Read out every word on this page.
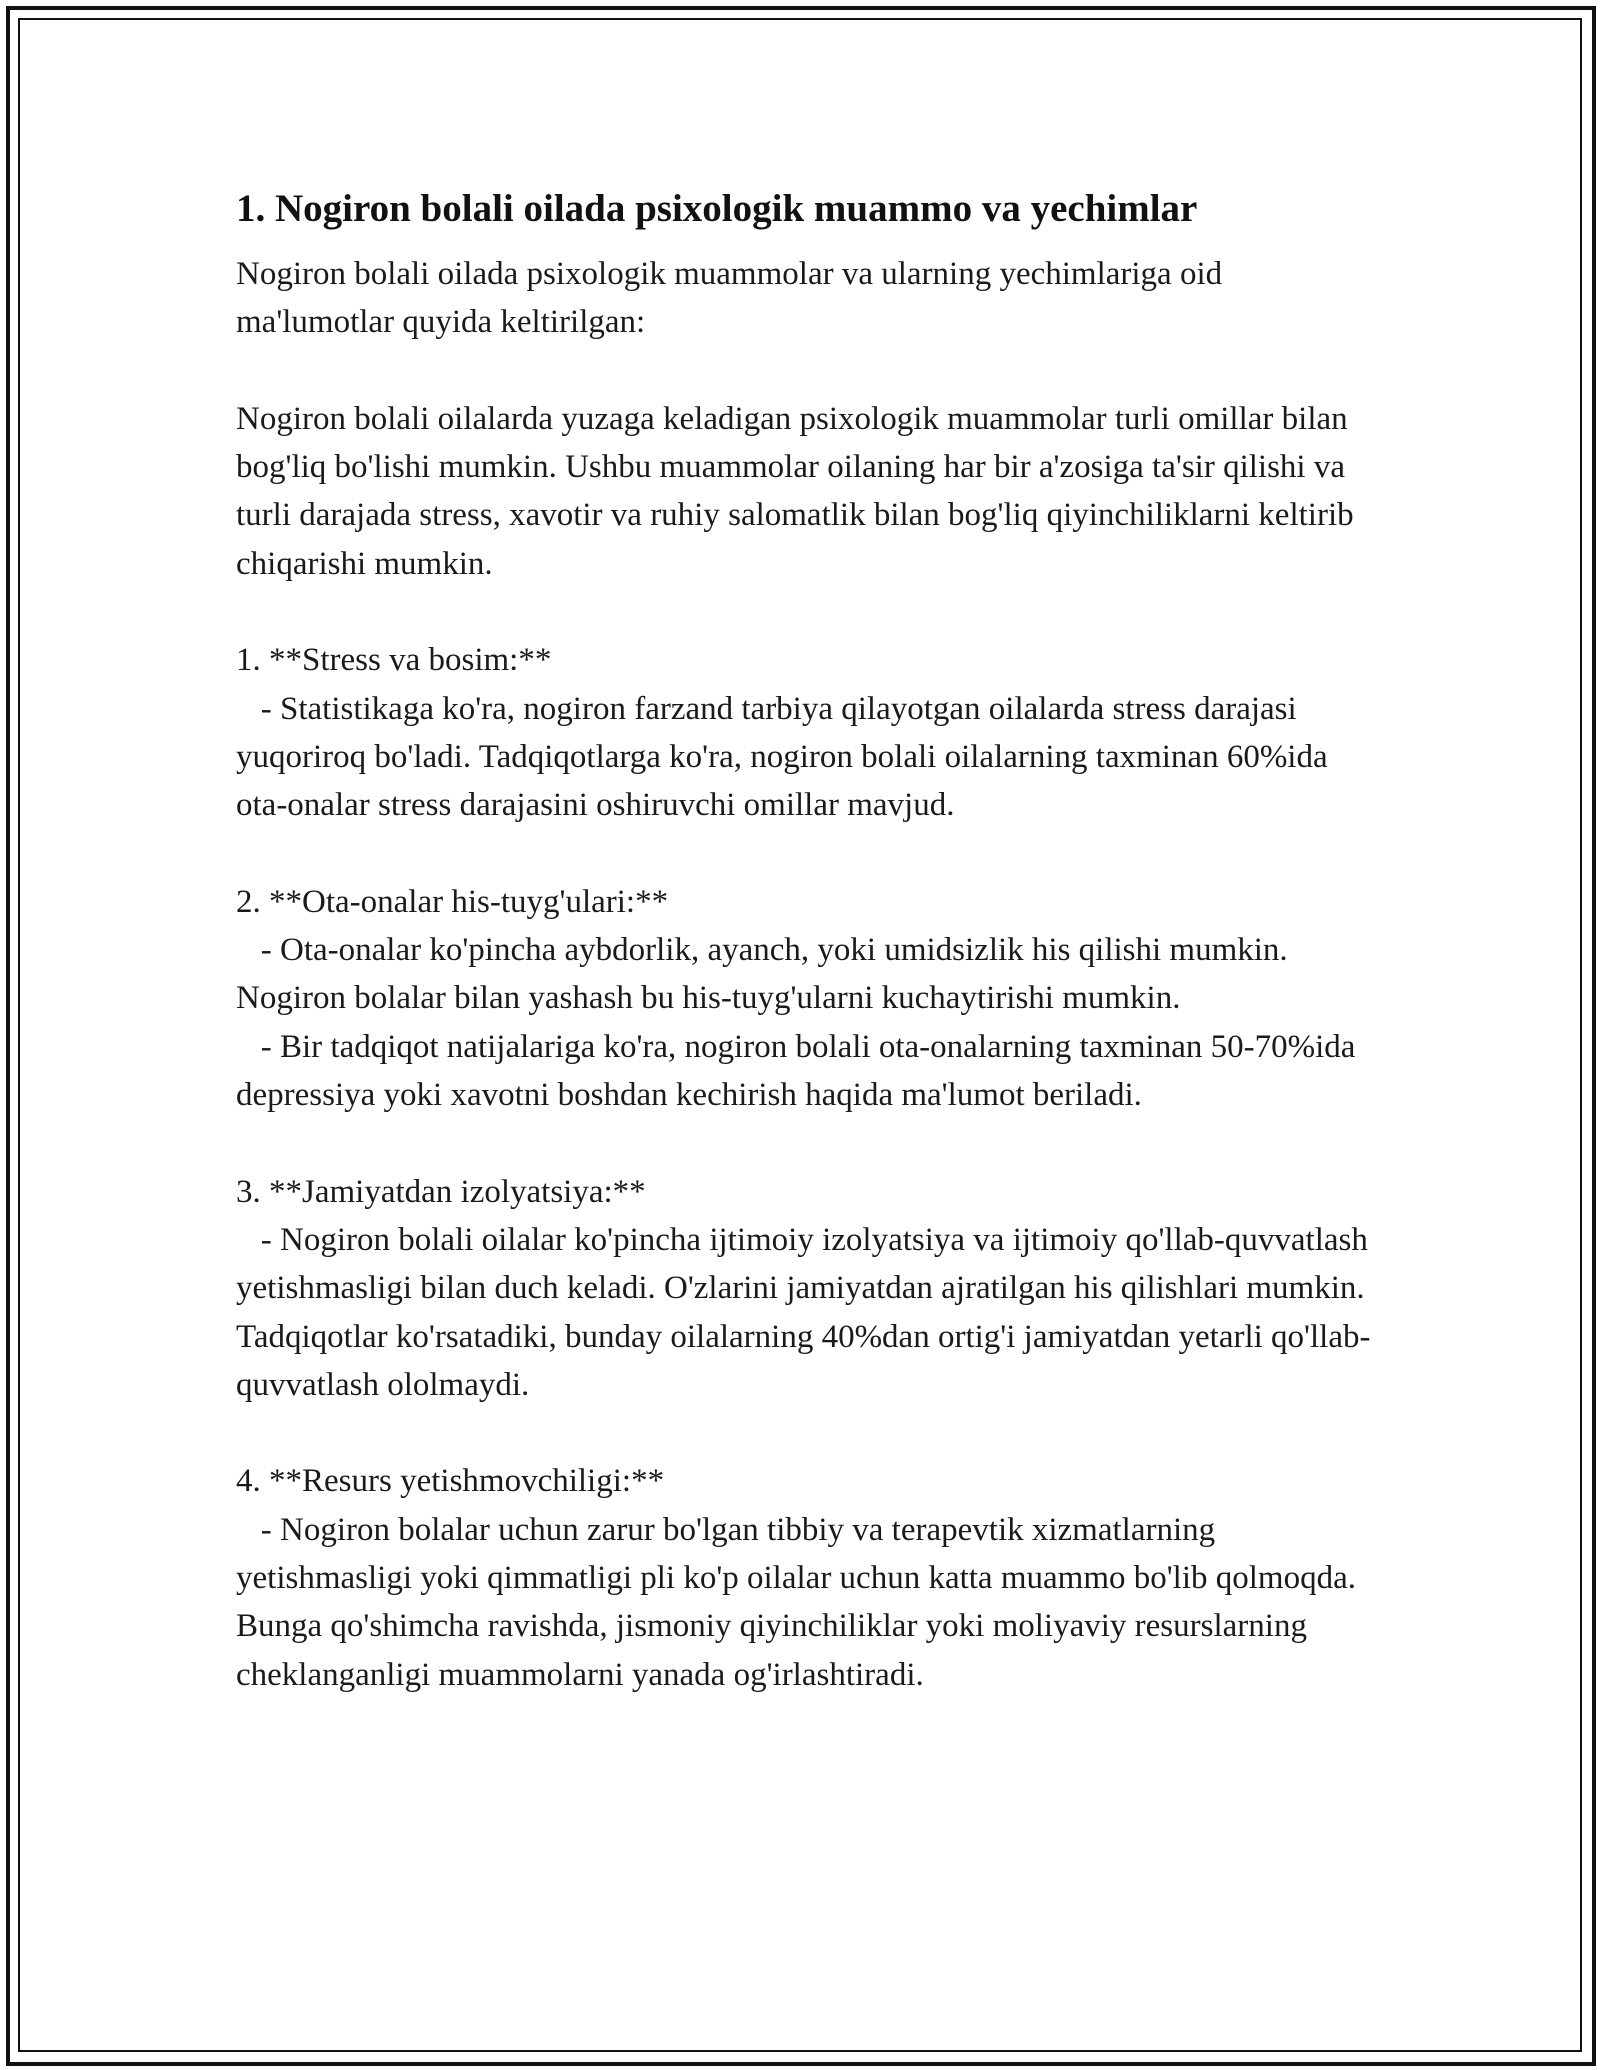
1. Nogiron bolali oilada psixologik muammo va yechimlar

Nogiron bolali oilada psixologik muammolar va ularning yechimlariga oid ma'lumotlar quyida keltirilgan:

Nogiron bolali oilalarda yuzaga keladigan psixologik muammolar turli omillar bilan bog'liq bo'lishi mumkin. Ushbu muammolar oilaning har bir a'zosiga ta'sir qilishi va turli darajada stress, xavotir va ruhiy salomatlik bilan bog'liq qiyinchiliklarni keltirib chiqarishi mumkin.

1. **Stress va bosim:**

- Statistikaga ko'ra, nogiron farzand tarbiya qilayotgan oilalarda stress darajasi yuqoriroq bo'ladi. Tadqiqotlarga ko'ra, nogiron bolali oilalarning taxminan 60%ida ota-onalar stress darajasini oshiruvchi omillar mavjud.

2. **Ota-onalar his-tuyg'ulari:**

- Ota-onalar ko'pincha aybdorlik, ayanch, yoki umidsizlik his qilishi mumkin. Nogiron bolalar bilan yashash bu his-tuyg'ularni kuchaytirishi mumkin.

- Bir tadqiqot natijalariga ko'ra, nogiron bolali ota-onalarning taxminan 50-70%ida depressiya yoki xavotni boshdan kechirish haqida ma'lumot beriladi.

3. **Jamiyatdan izolyatsiya:**

- Nogiron bolali oilalar ko'pincha ijtimoiy izolyatsiya va ijtimoiy qo'llab-quvvatlash yetishmasligi bilan duch keladi. O'zlarini jamiyatdan ajratilgan his qilishlari mumkin. Tadqiqotlar ko'rsatadiki, bunday oilalarning 40%dan ortig'i jamiyatdan yetarli qo'llab-quvvatlash ololmaydi.

4. **Resurs yetishmovchiligi:**

- Nogiron bolalar uchun zarur bo'lgan tibbiy va terapevtik xizmatlarning yetishmasligi yoki qimmatligi pli ko'p oilalar uchun katta muammo bo'lib qolmoqda. Bunga qo'shimcha ravishda, jismoniy qiyinchiliklar yoki moliyaviy resurslarning cheklanganligi muammolarni yanada og'irlashtiradi.
